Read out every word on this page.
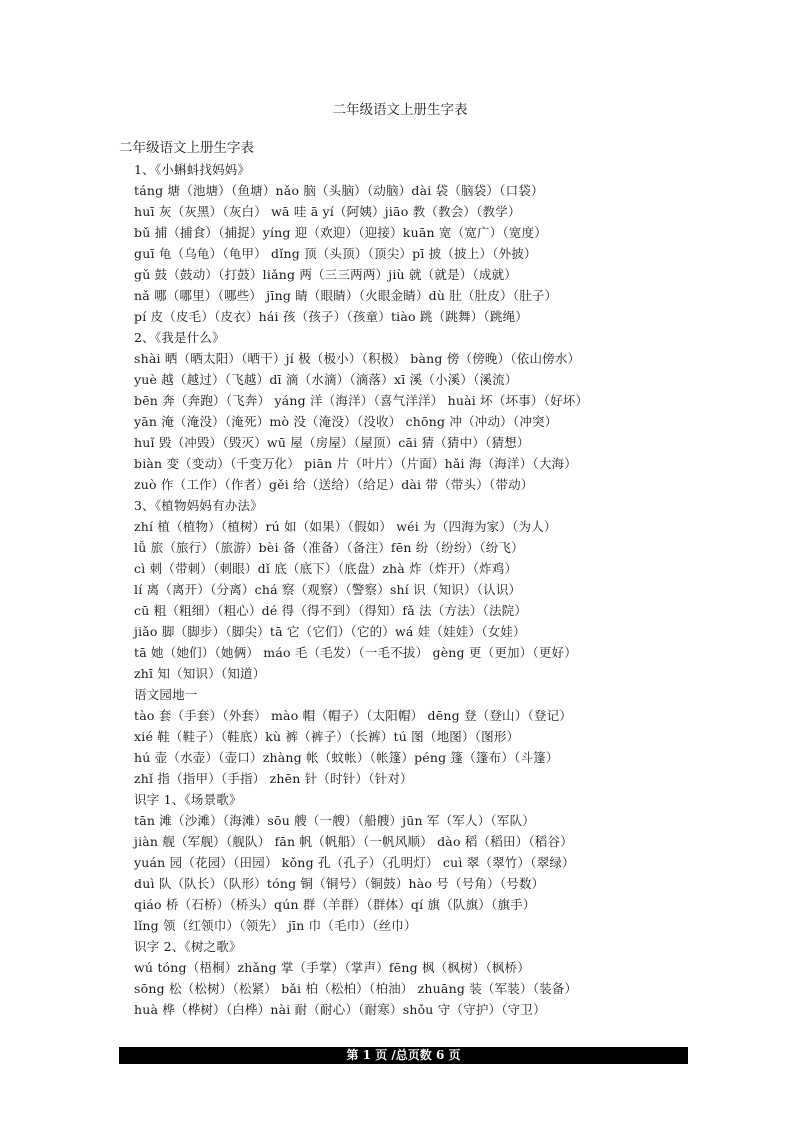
二年级语文上册生字表
二年级语文上册生字表
1、《小蝌蚪找妈妈》
táng 塘（池塘）（鱼塘）nǎo 脑（头脑）（动脑）dài 袋（脑袋）（口袋）
huī 灰（灰黑）（灰白） wā 哇 ā yí（阿姨）jiāo 教（教会）（教学）
bǔ 捕（捕食）（捕捉）yíng 迎（欢迎）（迎接）kuān 宽（宽广）（宽度）
guī 龟（乌龟）（龟甲） dǐng 顶（头顶）（顶尖）pī 披（披上）（外披）
gǔ 鼓（鼓动）（打鼓）liǎng 两（三三两两）jiù 就（就是）（成就）
nǎ 哪（哪里）（哪些） jīng 睛（眼睛）（火眼金睛）dù 肚（肚皮）（肚子）
pí 皮（皮毛）（皮衣）hái 孩（孩子）（孩童）tiào 跳（跳舞）（跳绳）
2、《我是什么》
shài 晒（晒太阳）（晒干）jí 极（极小）（积极） bàng 傍（傍晚）（依山傍水）
yuè 越（越过）（飞越）dī 滴（水滴）（滴落）xī 溪（小溪）（溪流）
bēn 奔（奔跑）（飞奔） yáng 洋（海洋）（喜气洋洋） huài 坏（坏事）（好坏）
yān 淹（淹没）（淹死）mò 没（淹没）（没收） chōng 冲（冲动）（冲突）
huǐ 毁（冲毁）（毁灭）wū 屋（房屋）（屋顶）cāi 猜（猜中）（猜想）
biàn 变（变动）（千变万化） piān 片（叶片）（片面）hǎi 海（海洋）（大海）
zuò 作（工作）（作者）gěi 给（送给）（给足）dài 带（带头）（带动）
3、《植物妈妈有办法》
zhí 植（植物）（植树）rú 如（如果）（假如） wéi 为（四海为家）（为人）
lǚ 旅（旅行）（旅游）bèi 备（准备）（备注）fēn 纷（纷纷）（纷飞）
cì 刺（带刺）（刺眼）dǐ 底（底下）（底盘）zhà 炸（炸开）（炸鸡）
lí 离（离开）（分离）chá 察（观察）（警察）shí 识（知识）（认识）
cū 粗（粗细）（粗心）dé 得（得不到）（得知）fǎ 法（方法）（法院）
jiǎo 脚（脚步）（脚尖）tā 它（它们）（它的）wá 娃（娃娃）（女娃）
tā 她（她们）（她俩） máo 毛（毛发）（一毛不拔） gèng 更（更加）（更好）
zhī 知（知识）（知道）
语文园地一
tào 套（手套）（外套） mào 帽（帽子）（太阳帽） dēng 登（登山）（登记）
xié 鞋（鞋子）（鞋底）kù 裤（裤子）（长裤）tú 图（地图）（图形）
hú 壶（水壶）（壶口）zhàng 帐（蚊帐）（帐篷）péng 篷（篷布）（斗篷）
zhǐ 指（指甲）（手指） zhēn 针（时针）（针对）
识字 1、《场景歌》
tān 滩（沙滩）（海滩）sōu 艘（一艘）（船艘）jūn 军（军人）（军队）
jiàn 舰（军舰）（舰队） fān 帆（帆船）（一帆风顺） dào 稻（稻田）（稻谷）
yuán 园（花园）（田园） kǒng 孔（孔子）（孔明灯） cuì 翠（翠竹）（翠绿）
duì 队（队长）（队形）tóng 铜（铜号）（铜鼓）hào 号（号角）（号数）
qiáo 桥（石桥）（桥头）qún 群（羊群）（群体）qí 旗（队旗）（旗手）
lǐng 领（红领巾）（领先） jīn 巾（毛巾）（丝巾）
识字 2、《树之歌》
wú tóng（梧桐）zhǎng 掌（手掌）（掌声）fēng 枫（枫树）（枫桥）
sōng 松（松树）（松紧） bǎi 柏（松柏）（柏油） zhuāng 装（军装）（装备）
huà 桦（桦树）（白桦）nài 耐（耐心）（耐寒）shǒu 守（守护）（守卫）
第 1 页 /总页数 6 页
